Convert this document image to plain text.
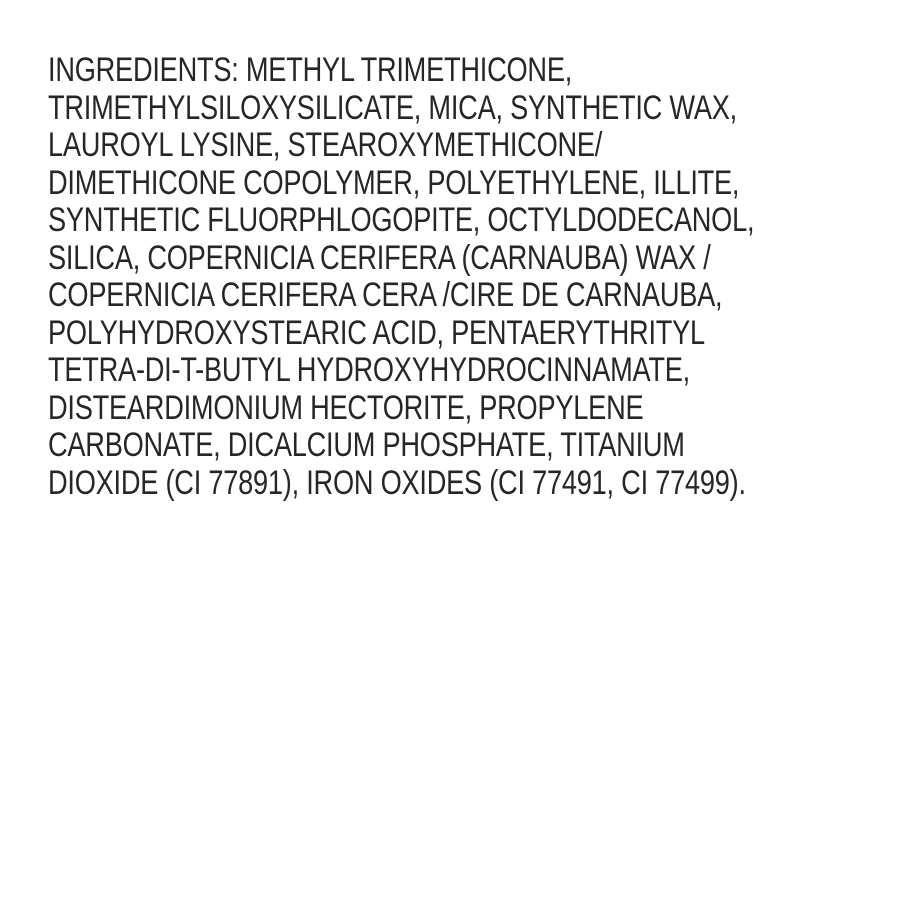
INGREDIENTS: METHYL TRIMETHICONE,
TRIMETHYLSILOXYSILICATE, MICA, SYNTHETIC WAX,
LAUROYL LYSINE, STEAROXYMETHICONE/
DIMETHICONE COPOLYMER, POLYETHYLENE, ILLITE,
SYNTHETIC FLUORPHLOGOPITE, OCTYLDODECANOL,
SILICA, COPERNICIA CERIFERA (CARNAUBA) WAX /
COPERNICIA CERIFERA CERA /CIRE DE CARNAUBA,
POLYHYDROXYSTEARIC ACID, PENTAERYTHRITYL
TETRA-DI-T-BUTYL HYDROXYHYDROCINNAMATE,
DISTEARDIMONIUM HECTORITE, PROPYLENE
CARBONATE, DICALCIUM PHOSPHATE, TITANIUM
DIOXIDE (CI 77891), IRON OXIDES (CI 77491, CI 77499).
